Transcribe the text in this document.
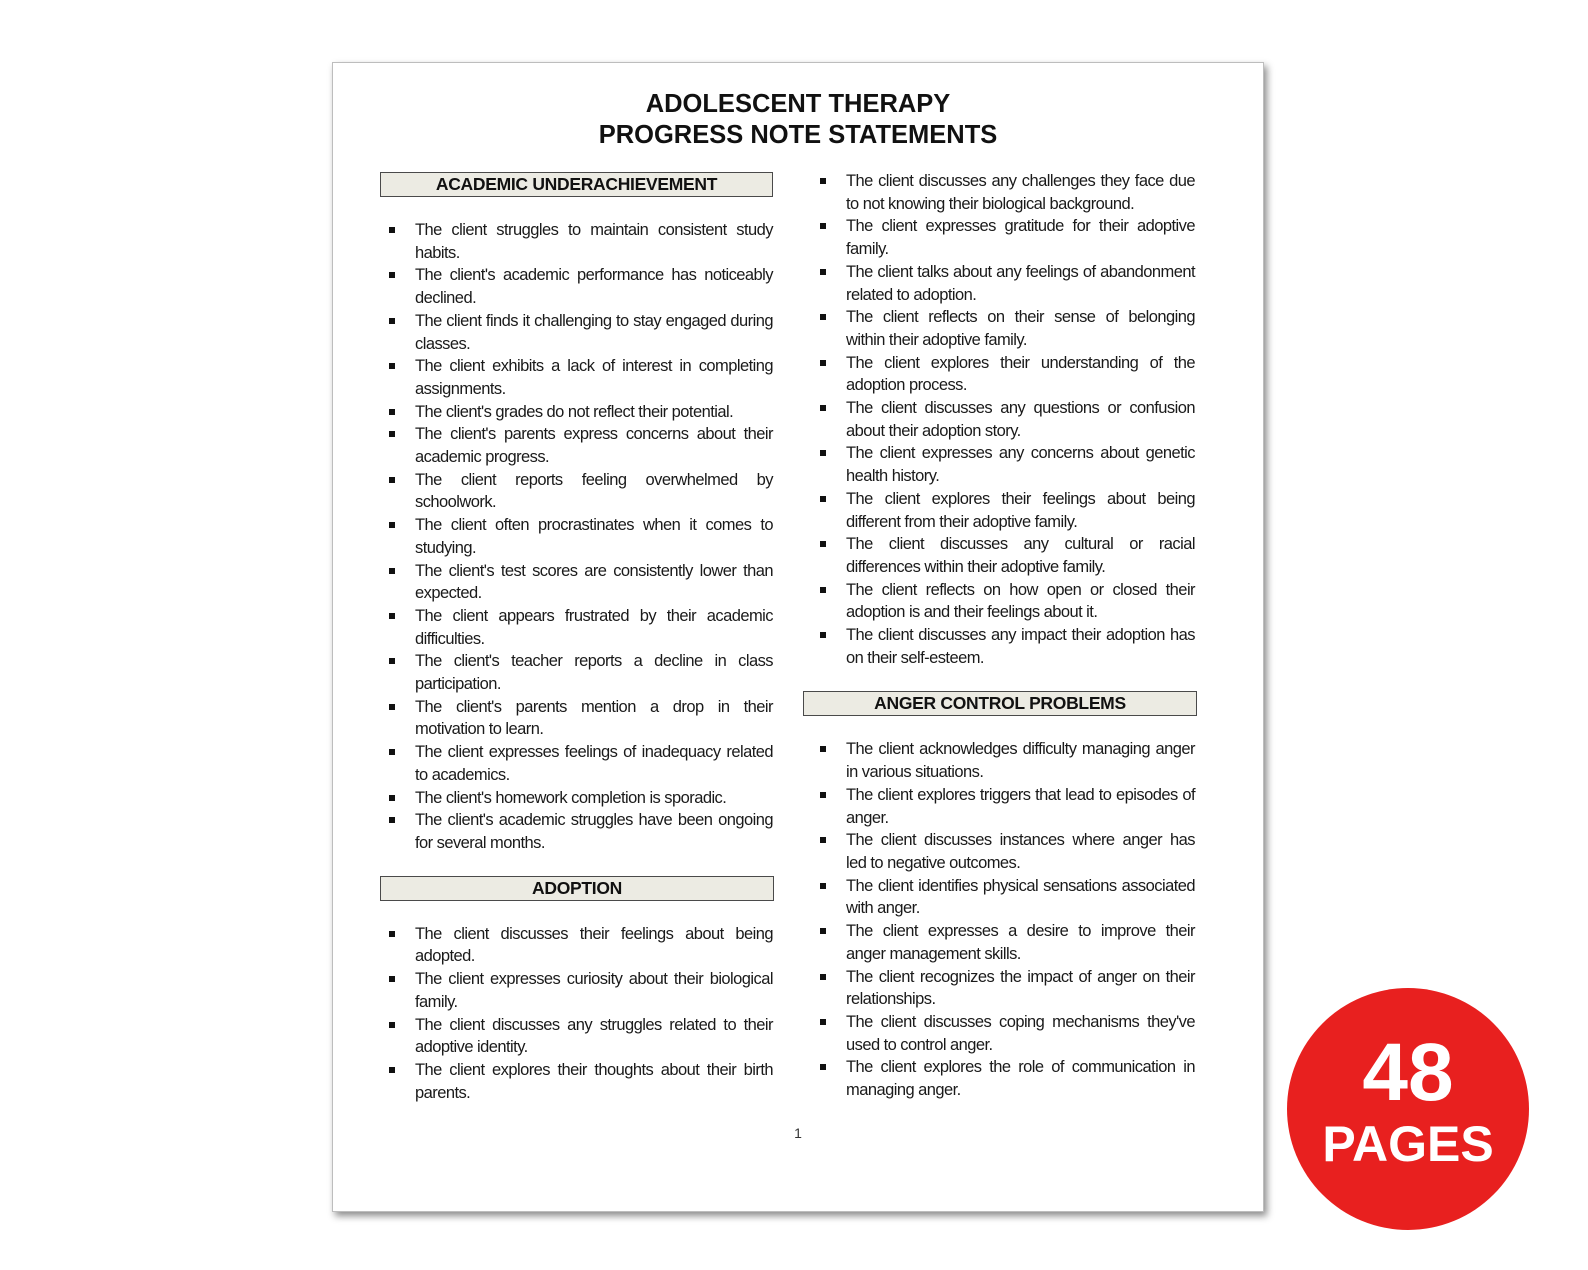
ADOLESCENT THERAPY
PROGRESS NOTE STATEMENTS
ACADEMIC UNDERACHIEVEMENT
The client struggles to maintain consistent study habits.
The client's academic performance has noticeably declined.
The client finds it challenging to stay engaged during classes.
The client exhibits a lack of interest in completing assignments.
The client's grades do not reflect their potential.
The client's parents express concerns about their academic progress.
The client reports feeling overwhelmed by schoolwork.
The client often procrastinates when it comes to studying.
The client's test scores are consistently lower than expected.
The client appears frustrated by their academic difficulties.
The client's teacher reports a decline in class participation.
The client's parents mention a drop in their motivation to learn.
The client expresses feelings of inadequacy related to academics.
The client's homework completion is sporadic.
The client's academic struggles have been ongoing for several months.
ADOPTION
The client discusses their feelings about being adopted.
The client expresses curiosity about their biological family.
The client discusses any struggles related to their adoptive identity.
The client explores their thoughts about their birth parents.
The client discusses any challenges they face due to not knowing their biological background.
The client expresses gratitude for their adoptive family.
The client talks about any feelings of abandonment related to adoption.
The client reflects on their sense of belonging within their adoptive family.
The client explores their understanding of the adoption process.
The client discusses any questions or confusion about their adoption story.
The client expresses any concerns about genetic health history.
The client explores their feelings about being different from their adoptive family.
The client discusses any cultural or racial differences within their adoptive family.
The client reflects on how open or closed their adoption is and their feelings about it.
The client discusses any impact their adoption has on their self-esteem.
ANGER CONTROL PROBLEMS
The client acknowledges difficulty managing anger in various situations.
The client explores triggers that lead to episodes of anger.
The client discusses instances where anger has led to negative outcomes.
The client identifies physical sensations associated with anger.
The client expresses a desire to improve their anger management skills.
The client recognizes the impact of anger on their relationships.
The client discusses coping mechanisms they've used to control anger.
The client explores the role of communication in managing anger.
1
48
PAGES
